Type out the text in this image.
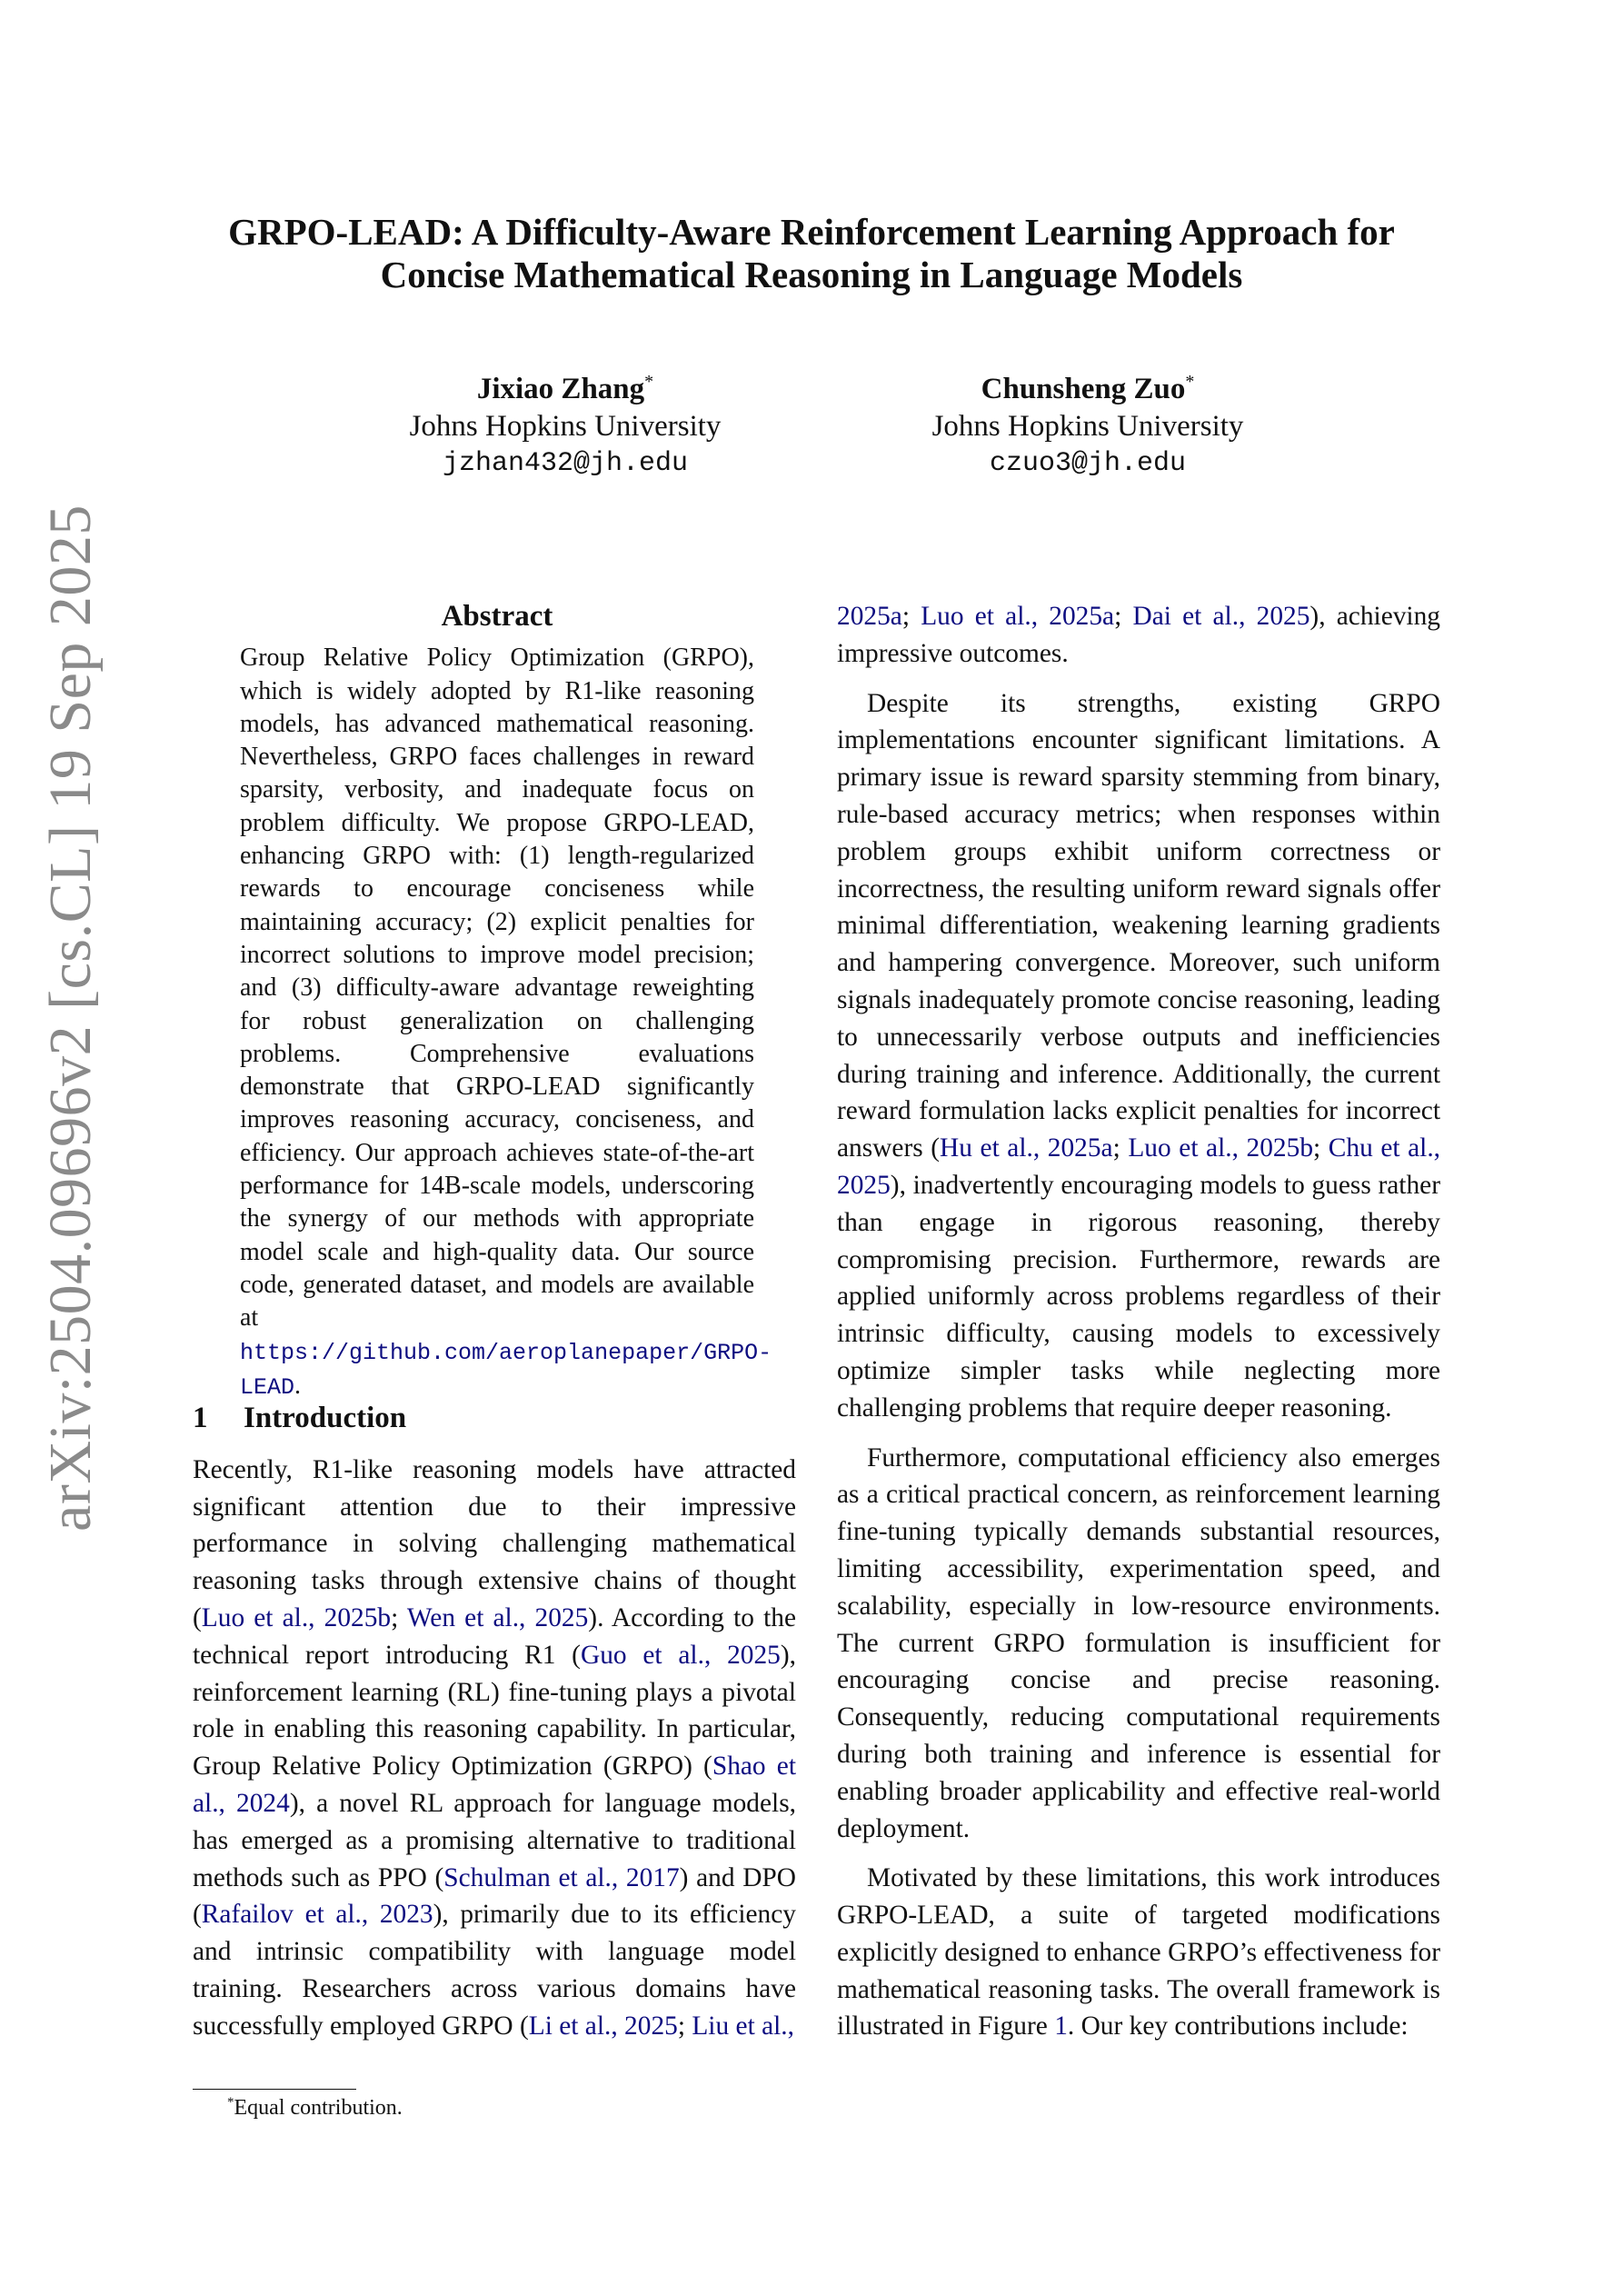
arXiv:2504.09696v2 [cs.CL] 19 Sep 2025
GRPO-LEAD: A Difficulty-Aware Reinforcement Learning Approach for
Concise Mathematical Reasoning in Language Models
Jixiao Zhang*
Johns Hopkins University
jzhan432@jh.edu
Chunsheng Zuo*
Johns Hopkins University
czuo3@jh.edu
Abstract

Group Relative Policy Optimization (GRPO), which is widely adopted by R1-like reasoning models, has advanced mathematical reasoning. Nevertheless, GRPO faces challenges in reward sparsity, verbosity, and inadequate focus on problem difficulty. We propose GRPO-LEAD, enhancing GRPO with: (1) length-regularized rewards to encourage conciseness while maintaining accuracy; (2) explicit penalties for incorrect solutions to improve model precision; and (3) difficulty-aware advantage reweighting for robust generalization on challenging problems. Comprehensive evaluations demonstrate that GRPO-LEAD significantly improves reasoning accuracy, conciseness, and efficiency. Our approach achieves state-of-the-art performance for 14B-scale models, underscoring the synergy of our methods with appropriate model scale and high-quality data. Our source code, generated dataset, and models are available at https://github.com/aeroplanepaper/GRPO-LEAD.

1 Introduction

Recently, R1-like reasoning models have attracted significant attention due to their impressive performance in solving challenging mathematical reasoning tasks through extensive chains of thought (Luo et al., 2025b; Wen et al., 2025). According to the technical report introducing R1 (Guo et al., 2025), reinforcement learning (RL) fine-tuning plays a pivotal role in enabling this reasoning capability. In particular, Group Relative Policy Optimization (GRPO) (Shao et al., 2024), a novel RL approach for language models, has emerged as a promising alternative to traditional methods such as PPO (Schulman et al., 2017) and DPO (Rafailov et al., 2023), primarily due to its efficiency and intrinsic compatibility with language model training. Researchers across various domains have successfully employed GRPO (Li et al., 2025; Liu et al.,

2025a; Luo et al., 2025a; Dai et al., 2025), achieving impressive outcomes.

Despite its strengths, existing GRPO implementations encounter significant limitations. A primary issue is reward sparsity stemming from binary, rule-based accuracy metrics; when responses within problem groups exhibit uniform correctness or incorrectness, the resulting uniform reward signals offer minimal differentiation, weakening learning gradients and hampering convergence. Moreover, such uniform signals inadequately promote concise reasoning, leading to unnecessarily verbose outputs and inefficiencies during training and inference. Additionally, the current reward formulation lacks explicit penalties for incorrect answers (Hu et al., 2025a; Luo et al., 2025b; Chu et al., 2025), inadvertently encouraging models to guess rather than engage in rigorous reasoning, thereby compromising precision. Furthermore, rewards are applied uniformly across problems regardless of their intrinsic difficulty, causing models to excessively optimize simpler tasks while neglecting more challenging problems that require deeper reasoning.

Furthermore, computational efficiency also emerges as a critical practical concern, as reinforcement learning fine-tuning typically demands substantial resources, limiting accessibility, experimentation speed, and scalability, especially in low-resource environments. The current GRPO formulation is insufficient for encouraging concise and precise reasoning. Consequently, reducing computational requirements during both training and inference is essential for enabling broader applicability and effective real-world deployment.

Motivated by these limitations, this work introduces GRPO-LEAD, a suite of targeted modifications explicitly designed to enhance GRPO’s effectiveness for mathematical reasoning tasks. The overall framework is illustrated in Figure 1. Our key contributions include:

*Equal contribution.
